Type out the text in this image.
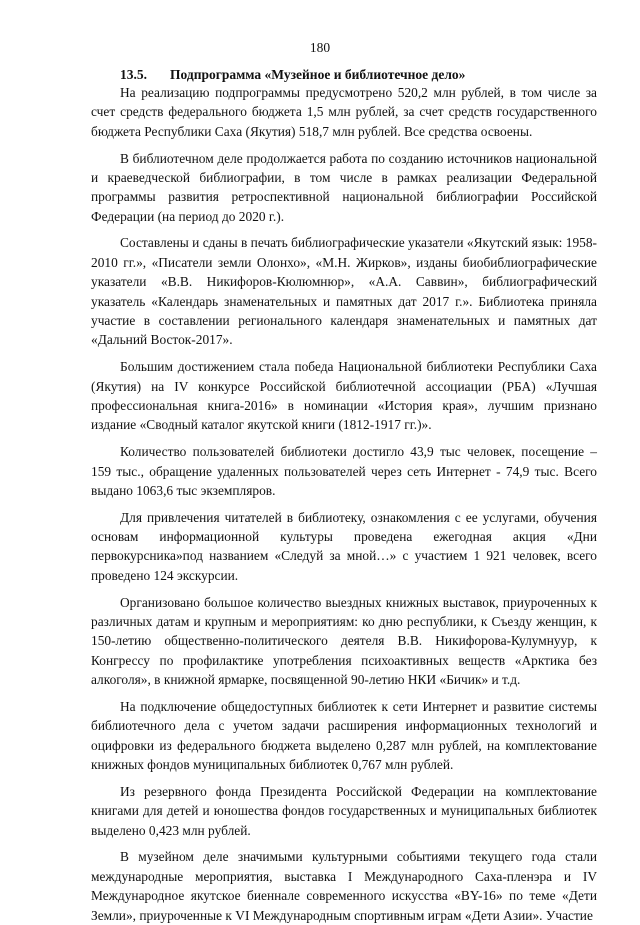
180
13.5. Подпрограмма «Музейное и библиотечное дело»

На реализацию подпрограммы предусмотрено 520,2 млн рублей, в том числе за счет средств федерального бюджета 1,5 млн рублей, за счет средств государственного бюджета Республики Саха (Якутия) 518,7 млн рублей. Все средства освоены.

В библиотечном деле продолжается работа по созданию источников национальной и краеведческой библиографии, в том числе в рамках реализации Федеральной программы развития ретроспективной национальной библиографии Российской Федерации (на период до 2020 г.).

Составлены и сданы в печать библиографические указатели «Якутский язык: 1958-2010 гг.», «Писатели земли Олонхо», «М.Н. Жирков», изданы биобиблиографические указатели «В.В. Никифоров-Кюлюмнюр», «А.А. Саввин», библиографический указатель «Календарь знаменательных и памятных дат 2017 г.». Библиотека приняла участие в составлении регионального календаря знаменательных и памятных дат «Дальний Восток-2017».

Большим достижением стала победа Национальной библиотеки Республики Саха (Якутия) на IV конкурсе Российской библиотечной ассоциации (РБА) «Лучшая профессиональная книга-2016» в номинации «История края», лучшим признано издание «Сводный каталог якутской книги (1812-1917 гг.)».

Количество пользователей библиотеки достигло 43,9 тыс человек, посещение – 159 тыс., обращение удаленных пользователей через сеть Интернет - 74,9 тыс. Всего выдано 1063,6 тыс экземпляров.

Для привлечения читателей в библиотеку, ознакомления с ее услугами, обучения основам информационной культуры проведена ежегодная акция «Дни первокурсника»под названием «Следуй за мной…» с участием 1 921 человек, всего проведено 124 экскурсии.

Организовано большое количество выездных книжных выставок, приуроченных к различных датам и крупным и мероприятиям: ко дню республики, к Съезду женщин, к 150-летию общественно-политического деятеля В.В. Никифорова-Кулумнуур, к Конгрессу по профилактике употребления психоактивных веществ «Арктика без алкоголя», в книжной ярмарке, посвященной 90-летию НКИ «Бичик» и т.д.

На подключение общедоступных библиотек к сети Интернет и развитие системы библиотечного дела с учетом задачи расширения информационных технологий и оцифровки из федерального бюджета выделено 0,287 млн рублей, на комплектование книжных фондов муниципальных библиотек 0,767 млн рублей.

Из резервного фонда Президента Российской Федерации на комплектование книгами для детей и юношества фондов государственных и муниципальных библиотек выделено 0,423 млн рублей.

В музейном деле значимыми культурными событиями текущего года стали международные мероприятия, выставка I Международного Саха-пленэра и IV Международное якутское биеннале современного искусства «BY-16» по теме «Дети Земли», приуроченные к VI Международным спортивным играм «Дети Азии». Участие
